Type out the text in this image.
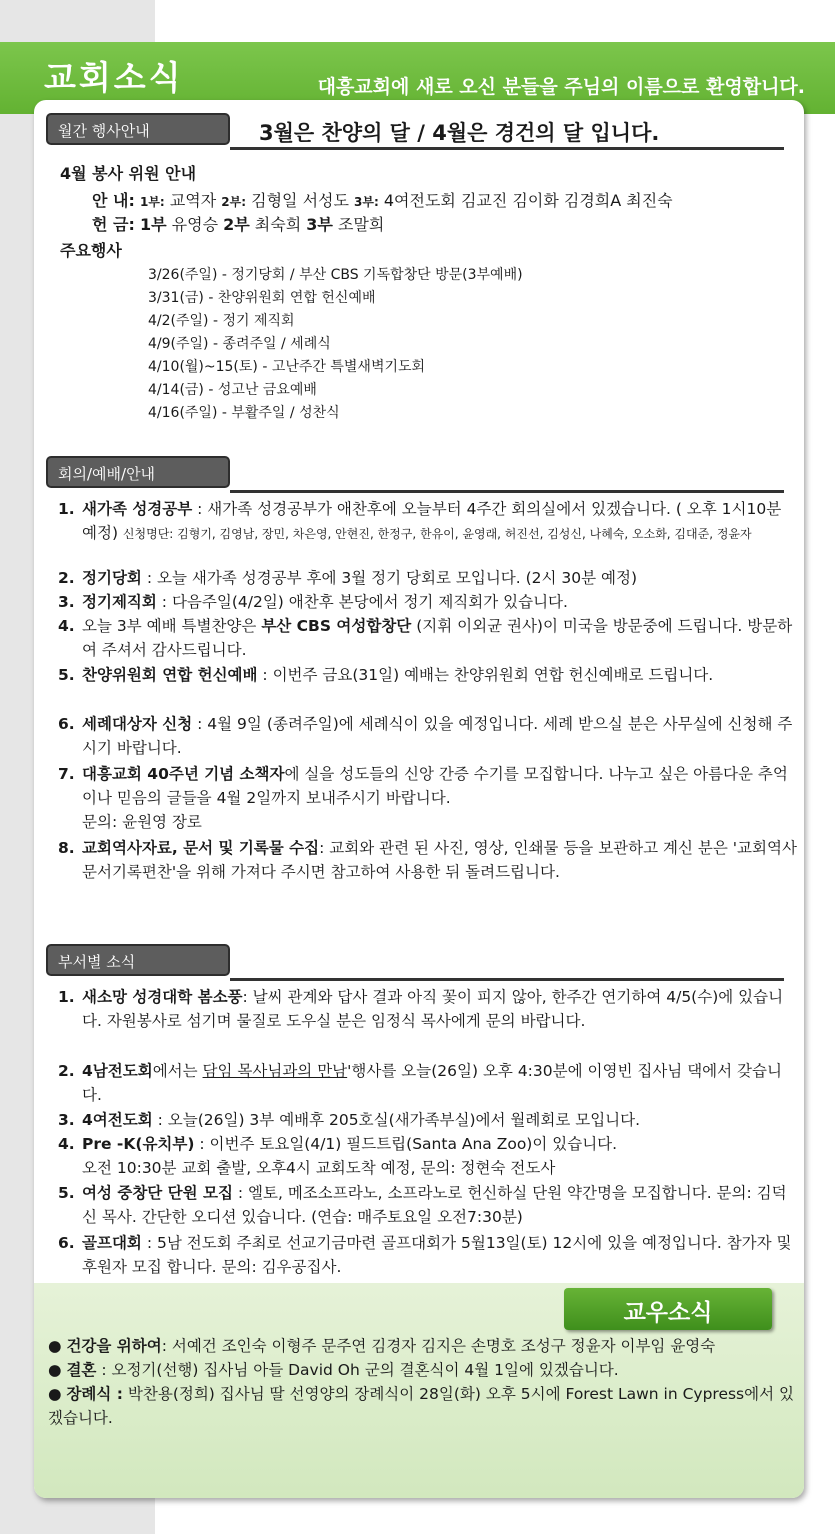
교회소식	대흥교회에 새로 오신 분들을 주님의 이름으로 환영합니다.
월간 행사안내	3월은 찬양의 달 / 4월은 경건의 달 입니다.
4월 봉사 위원 안내
안 내: 1부: 교역자 2부: 김형일 서성도 3부: 4여전도회 김교진 김이화 김경희A 최진숙
헌 금: 1부 유영승 2부 최숙희 3부 조말희
주요행사
3/26(주일) - 정기당회 / 부산 CBS 기독합창단 방문(3부예배)
3/31(금) - 찬양위원회 연합 헌신예배
4/2(주일) - 정기 제직회
4/9(주일) - 종려주일 / 세례식
4/10(월)~15(토) - 고난주간 특별새벽기도회
4/14(금) - 성고난 금요예배
4/16(주일) - 부활주일 / 성찬식
회의/예배/안내
1. 새가족 성경공부 : 새가족 성경공부가 애찬후에 오늘부터 4주간 회의실에서 있겠습니다. ( 오후 1시10분 예정) 신청명단: 김형기, 김영남, 장민, 차은영, 안현진, 한정구, 한유이, 윤영래, 허진선, 김성신, 나혜숙, 오소화, 김대준, 정윤자
2. 정기당회 : 오늘 새가족 성경공부 후에 3월 정기 당회로 모입니다. (2시 30분 예정)
3. 정기제직회 : 다음주일(4/2일) 애찬후 본당에서 정기 제직회가 있습니다.
4. 오늘 3부 예배 특별찬양은 부산 CBS 여성합창단 (지휘 이외균 권사)이 미국을 방문중에 드립니다. 방문하여 주셔서 감사드립니다.
5. 찬양위원회 연합 헌신예배 : 이번주 금요(31일) 예배는 찬양위원회 연합 헌신예배로 드립니다.
6. 세례대상자 신청 : 4월 9일 (종려주일)에 세례식이 있을 예정입니다. 세례 받으실 분은 사무실에 신청해 주시기 바랍니다.
7. 대흥교회 40주년 기념 소책자에 실을 성도들의 신앙 간증 수기를 모집합니다. 나누고 싶은 아름다운 추억이나 믿음의 글들을 4월 2일까지 보내주시기 바랍니다.
문의: 윤원영 장로
8. 교회역사자료, 문서 및 기록물 수집: 교회와 관련 된 사진, 영상, 인쇄물 등을 보관하고 계신 분은 '교회역사문서기록편찬'을 위해 가져다 주시면 참고하여 사용한 뒤 돌려드립니다.
부서별 소식
1. 새소망 성경대학 봄소풍: 날씨 관계와 답사 결과 아직 꽃이 피지 않아, 한주간 연기하여 4/5(수)에 있습니다. 자원봉사로 섬기며 물질로 도우실 분은 임정식 목사에게 문의 바랍니다.
2. 4남전도회에서는 담임 목사님과의 만남'행사를 오늘(26일) 오후 4:30분에 이영빈 집사님 댁에서 갖습니다.
3. 4여전도회 : 오늘(26일) 3부 예배후 205호실(새가족부실)에서 월례회로 모입니다.
4. Pre -K(유치부) : 이번주 토요일(4/1) 필드트립(Santa Ana Zoo)이 있습니다.
오전 10:30분 교회 출발, 오후4시 교회도착 예정, 문의: 정현숙 전도사
5. 여성 중창단 단원 모집 : 엘토, 메조소프라노, 소프라노로 헌신하실 단원 약간명을 모집합니다. 문의: 김덕신 목사. 간단한 오디션 있습니다. (연습: 매주토요일 오전7:30분)
6. 골프대회 : 5남 전도회 주최로 선교기금마련 골프대회가 5월13일(토) 12시에 있을 예정입니다. 참가자 및 후원자 모집 합니다. 문의: 김우공집사.
교우소식
● 건강을 위하여: 서예건 조인숙 이형주 문주연 김경자 김지은 손명호 조성구 정윤자 이부임 윤영숙
● 결혼 : 오정기(선행) 집사님 아들 David Oh 군의 결혼식이 4월 1일에 있겠습니다.
● 장례식 : 박찬용(정희) 집사님 딸 선영양의 장례식이 28일(화) 오후 5시에 Forest Lawn in Cypress에서 있겠습니다.
